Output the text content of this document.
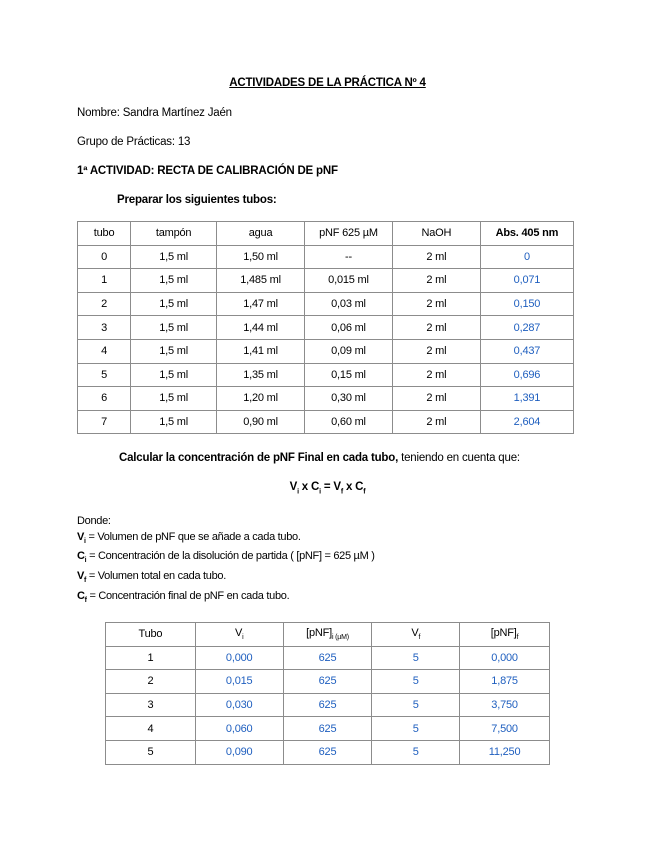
ACTIVIDADES DE LA PRÁCTICA Nº 4
Nombre: Sandra Martínez Jaén
Grupo de Prácticas: 13
1ª ACTIVIDAD: RECTA DE CALIBRACIÓN DE pNF
Preparar los siguientes tubos:
tubo	tampón	agua	pNF 625 µM	NaOH	Abs. 405 nm
0	1,5 ml	1,50 ml	--	2 ml	0
1	1,5 ml	1,485 ml	0,015 ml	2 ml	0,071
2	1,5 ml	1,47 ml	0,03 ml	2 ml	0,150
3	1,5 ml	1,44 ml	0,06 ml	2 ml	0,287
4	1,5 ml	1,41 ml	0,09 ml	2 ml	0,437
5	1,5 ml	1,35 ml	0,15 ml	2 ml	0,696
6	1,5 ml	1,20 ml	0,30 ml	2 ml	1,391
7	1,5 ml	0,90 ml	0,60 ml	2 ml	2,604
Calcular la concentración de pNF Final en cada tubo, teniendo en cuenta que:
$V_i$ x $C_i = V_f$ x $C_f$
Donde:
$V_i$ = Volumen de pNF que se añade a cada tubo.
$C_i$ = Concentración de la disolución de partida ( [pNF] = 625 µM )
$V_f$ = Volumen total en cada tubo.
$C_f$ = Concentración final de pNF en cada tubo.
Tubo	$V_i$	$[pNF]_{i (\mu M)}$	$V_f$	$[pNF]_f$
1	0,000	625	5	0,000
2	0,015	625	5	1,875
3	0,030	625	5	3,750
4	0,060	625	5	7,500
5	0,090	625	5	11,250
